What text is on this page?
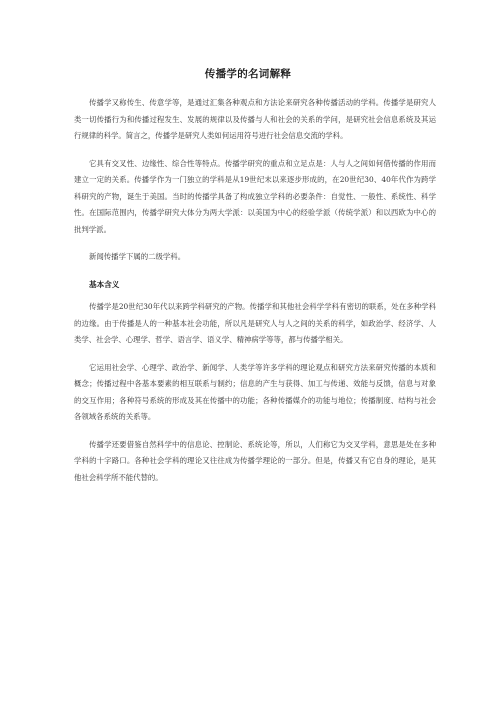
传播学的名词解释

传播学又称传生、传意学等，是通过汇集各种观点和方法论来研究各种传播活动的学科。传播学是研究人类一切传播行为和传播过程发生、发展的规律以及传播与人和社会的关系的学问，是研究社会信息系统及其运行规律的科学。简言之，传播学是研究人类如何运用符号进行社会信息交流的学科。

它具有交叉性、边缘性、综合性等特点。传播学研究的重点和立足点是：人与人之间如何借传播的作用而建立一定的关系。传播学作为一门独立的学科是从19世纪末以来逐步形成的，在20世纪30、40年代作为跨学科研究的产物，诞生于美国。当时的传播学具备了构成独立学科的必要条件：自觉性、一般性、系统性、科学性。在国际范围内，传播学研究大体分为两大学派：以美国为中心的经验学派（传统学派）和以西欧为中心的批判学派。

新闻传播学下属的二级学科。

基本含义

传播学是20世纪30年代以来跨学科研究的产物。传播学和其他社会科学学科有密切的联系，处在多种学科的边缘。由于传播是人的一种基本社会功能，所以凡是研究人与人之间的关系的科学，如政治学、经济学、人类学、社会学、心理学、哲学、语言学、语义学、精神病学等等，都与传播学相关。

它运用社会学、心理学、政治学、新闻学、人类学等许多学科的理论观点和研究方法来研究传播的本质和概念；传播过程中各基本要素的相互联系与制约；信息的产生与获得、加工与传递、效能与反馈，信息与对象的交互作用；各种符号系统的形成及其在传播中的功能；各种传播媒介的功能与地位；传播制度、结构与社会各领域各系统的关系等。

传播学还要借鉴自然科学中的信息论、控制论、系统论等，所以，人们称它为交叉学科，意思是处在多种学科的十字路口。各种社会学科的理论又往往成为传播学理论的一部分。但是，传播又有它自身的理论，是其他社会科学所不能代替的。
